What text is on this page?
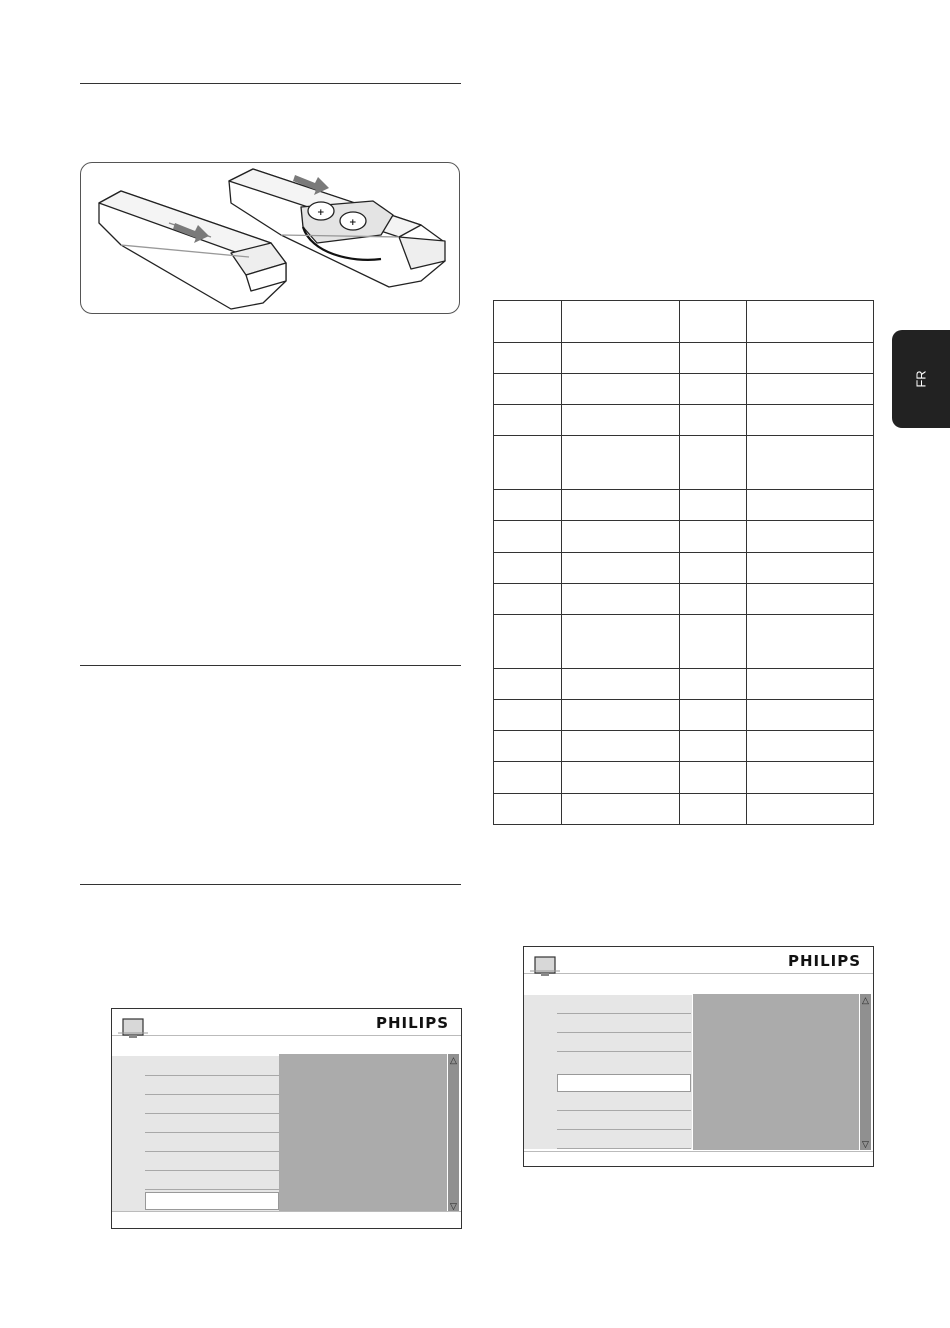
+
+
FR

PHILIPS
△
▽
PHILIPS
△
▽
